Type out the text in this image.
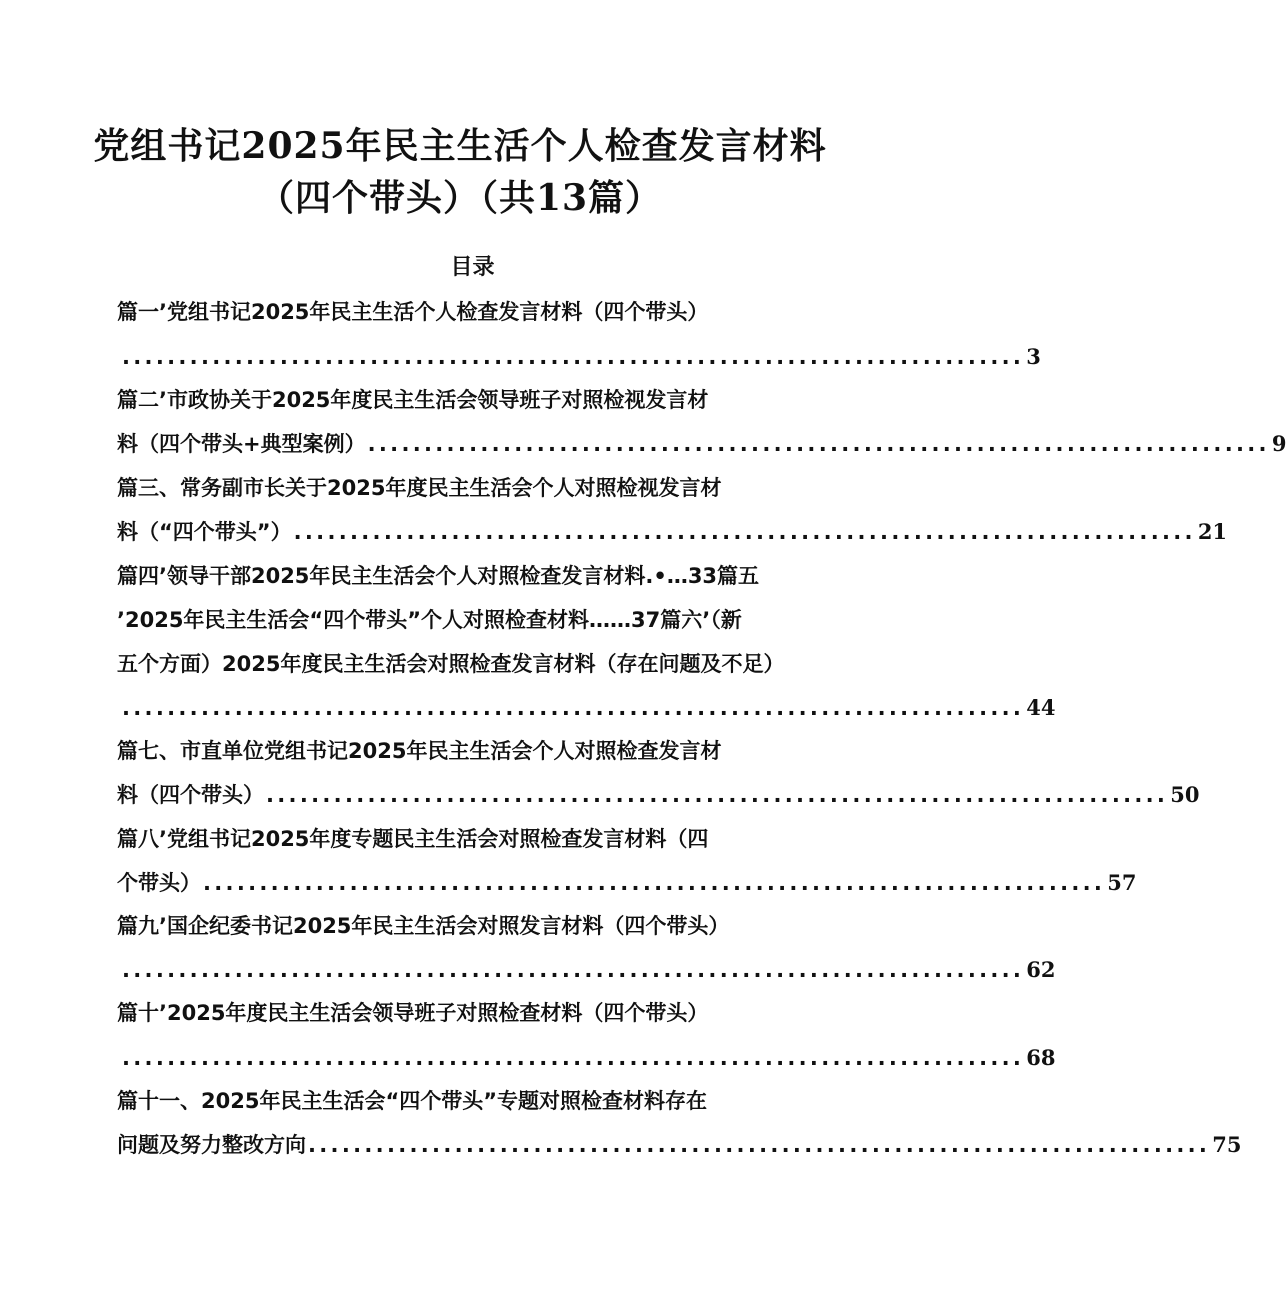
党组书记2025年民主生活个人检查发言材料
（四个带头）（共13篇）
目录
篇一’党组书记2025年民主生活个人检查发言材料（四个带头）
................................................................................ 3
篇二’市政协关于2025年度民主生活会领导班子对照检视发言材
料（四个带头+典型案例） ................................................................................ 9
篇三、常务副市长关于2025年度民主生活会个人对照检视发言材
料（“四个带头”） ................................................................................ 21
篇四’领导干部2025年民主生活会个人对照检查发言材料.•…33篇五
’2025年民主生活会“四个带头”个人对照检查材料……37篇六’（新
五个方面）2025年度民主生活会对照检查发言材料（存在问题及不足）
................................................................................ 44
篇七、市直单位党组书记2025年民主生活会个人对照检查发言材
料（四个带头） ................................................................................ 50
篇八’党组书记2025年度专题民主生活会对照检查发言材料（四
个带头） ................................................................................ 57
篇九’国企纪委书记2025年民主生活会对照发言材料（四个带头）
................................................................................ 62
篇十’2025年度民主生活会领导班子对照检查材料（四个带头）
................................................................................ 68
篇十一、2025年民主生活会“四个带头”专题对照检查材料存在
问题及努力整改方向 ................................................................................ 75
